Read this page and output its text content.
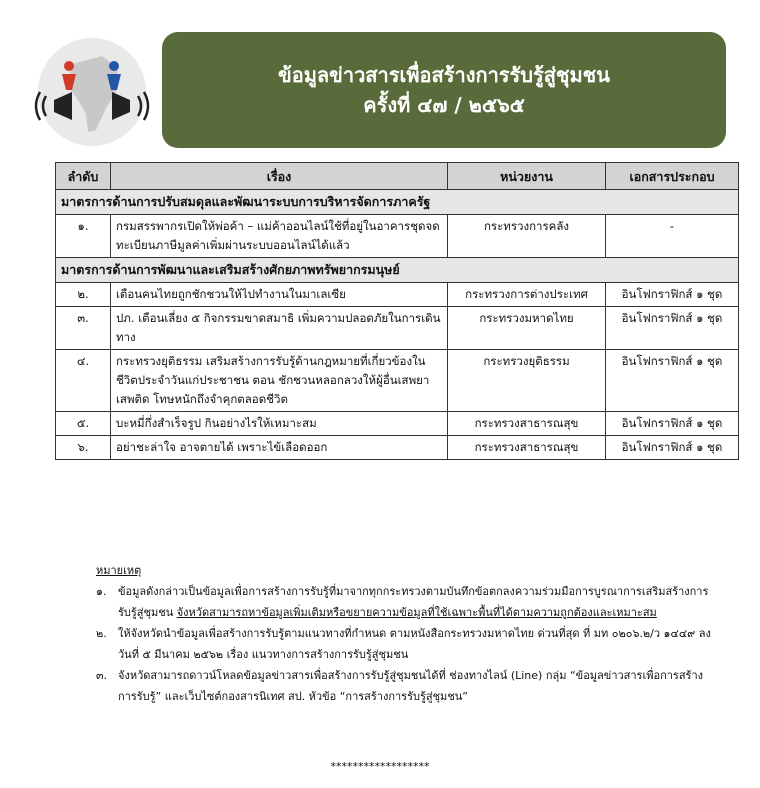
ข้อมูลข่าวสารเพื่อสร้างการรับรู้สู่ชุมชน
ครั้งที่ ๔๗ / ๒๕๖๕
ลำดับ	เรื่อง	หน่วยงาน	เอกสารประกอบ
มาตรการด้านการปรับสมดุลและพัฒนาระบบการบริหารจัดการภาครัฐ			
๑.	กรมสรรพากรเปิดให้พ่อค้า – แม่ค้าออนไลน์ใช้ที่อยู่ในอาคารชุดจดทะเบียนภาษีมูลค่าเพิ่มผ่านระบบออนไลน์ได้แล้ว	กระทรวงการคลัง	-
มาตรการด้านการพัฒนาและเสริมสร้างศักยภาพทรัพยากรมนุษย์			
๒.	เตือนคนไทยถูกชักชวนให้ไปทำงานในมาเลเซีย	กระทรวงการต่างประเทศ	อินโฟกราฟิกส์ ๑ ชุด
๓.	ปภ. เตือนเลี่ยง ๕ กิจกรรมขาดสมาธิ เพิ่มความปลอดภัยในการเดินทาง	กระทรวงมหาดไทย	อินโฟกราฟิกส์ ๑ ชุด
๔.	กระทรวงยุติธรรม เสริมสร้างการรับรู้ด้านกฎหมายที่เกี่ยวข้องในชีวิตประจำวันแก่ประชาชน ตอน ชักชวนหลอกลวงให้ผู้อื่นเสพยาเสพติด โทษหนักถึงจำคุกตลอดชีวิต	กระทรวงยุติธรรม	อินโฟกราฟิกส์ ๑ ชุด
๕.	บะหมี่กึ่งสำเร็จรูป กินอย่างไรให้เหมาะสม	กระทรวงสาธารณสุข	อินโฟกราฟิกส์ ๑ ชุด
๖.	อย่าชะล่าใจ อาจตายได้ เพราะไข้เลือดออก	กระทรวงสาธารณสุข	อินโฟกราฟิกส์ ๑ ชุด
หมายเหตุ
๑.	ข้อมูลดังกล่าวเป็นข้อมูลเพื่อการสร้างการรับรู้ที่มาจากทุกกระทรวงตามบันทึกข้อตกลงความร่วมมือการบูรณาการเสริมสร้างการรับรู้สู่ชุมชน จังหวัดสามารถหาข้อมูลเพิ่มเติมหรือขยายความข้อมูลที่ใช้เฉพาะพื้นที่ได้ตามความถูกต้องและเหมาะสม
๒.	ให้จังหวัดนำข้อมูลเพื่อสร้างการรับรู้ตามแนวทางที่กำหนด ตามหนังสือกระทรวงมหาดไทย ด่วนที่สุด ที่ มท ๐๒๐๖.๒/ว ๑๔๔๙ ลงวันที่ ๕ มีนาคม ๒๕๖๒ เรื่อง แนวทางการสร้างการรับรู้สู่ชุมชน
๓. จังหวัดสามารถดาวน์โหลดข้อมูลข่าวสารเพื่อสร้างการรับรู้สู่ชุมชนได้ที่ ช่องทางไลน์ (Line) กลุ่ม “ข้อมูลข่าวสารเพื่อการสร้างการรับรู้” และเว็บไซต์กองสารนิเทศ สป. หัวข้อ “การสร้างการรับรู้สู่ชุมชน”
******************
